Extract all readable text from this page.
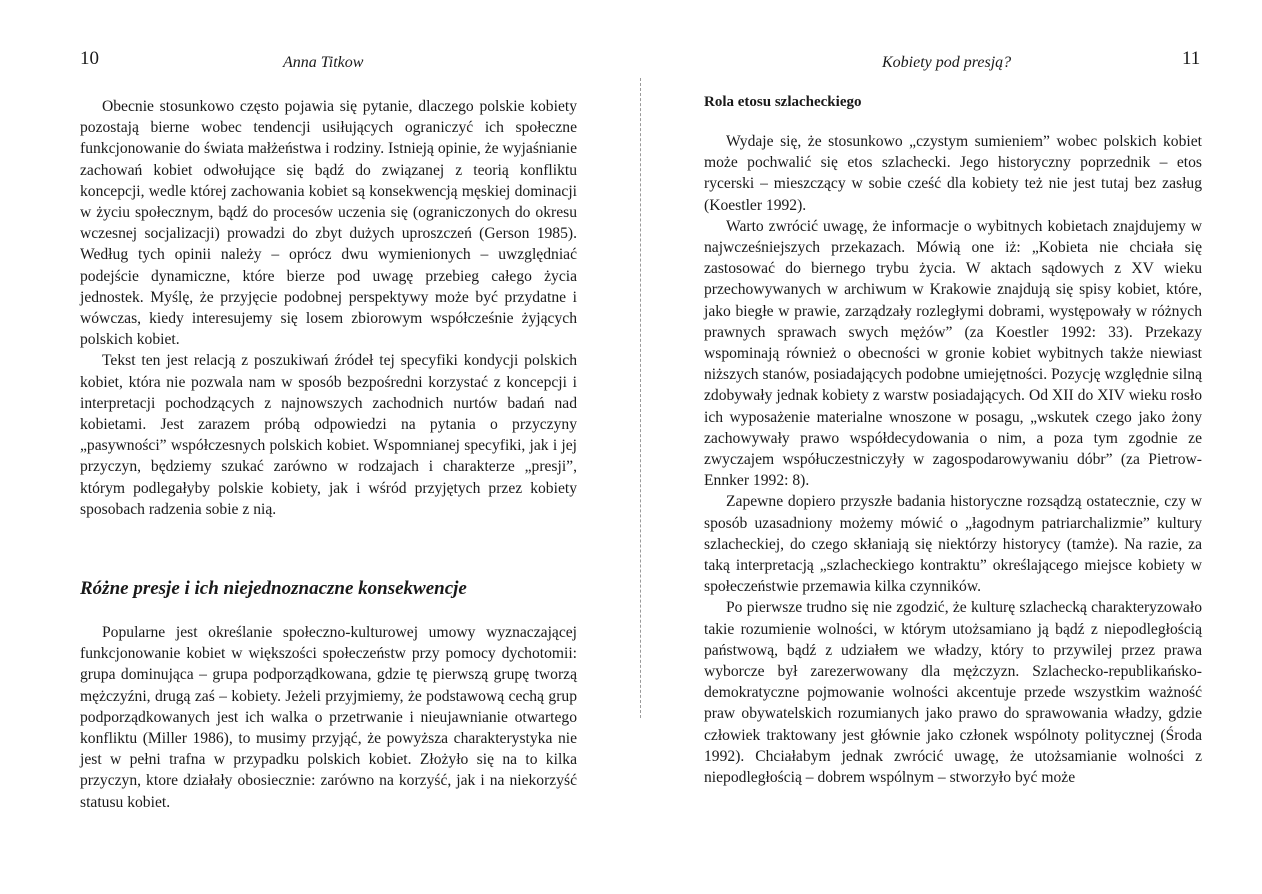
10	Anna Titkow

Obecnie stosunkowo często pojawia się pytanie, dlaczego polskie kobiety pozostają bierne wobec tendencji usiłujących ograniczyć ich społeczne funkcjonowanie do świata małżeństwa i rodziny. Istnieją opinie, że wyjaśnianie zachowań kobiet odwołujące się bądź do związanej z teorią konfliktu koncepcji, wedle której zachowania kobiet są konsekwencją męskiej dominacji w życiu społecznym, bądź do procesów uczenia się (ograniczonych do okresu wczesnej socjalizacji) prowadzi do zbyt dużych uproszczeń (Gerson 1985). Według tych opinii należy – oprócz dwu wymienionych – uwzględniać podejście dynamiczne, które bierze pod uwagę przebieg całego życia jednostek. Myślę, że przyjęcie podobnej perspektywy może być przydatne i wówczas, kiedy interesujemy się losem zbiorowym współcześnie żyjących polskich kobiet.

Tekst ten jest relacją z poszukiwań źródeł tej specyfiki kondycji polskich kobiet, która nie pozwala nam w sposób bezpośredni korzystać z koncepcji i interpretacji pochodzących z najnowszych zachodnich nurtów badań nad kobietami. Jest zarazem próbą odpowiedzi na pytania o przyczyny „pasywności” współczesnych polskich kobiet. Wspomnianej specyfiki, jak i jej przyczyn, będziemy szukać zarówno w rodzajach i charakterze „presji”, którym podlegałyby polskie kobiety, jak i wśród przyjętych przez kobiety sposobach radzenia sobie z nią.

Różne presje i ich niejednoznaczne konsekwencje

Popularne jest określanie społeczno-kulturowej umowy wyznaczającej funkcjonowanie kobiet w większości społeczeństw przy pomocy dychotomii: grupa dominująca – grupa podporządkowana, gdzie tę pierwszą grupę tworzą mężczyźni, drugą zaś – kobiety. Jeżeli przyjmiemy, że podstawową cechą grup podporządkowanych jest ich walka o przetrwanie i nieujawnianie otwartego konfliktu (Miller 1986), to musimy przyjąć, że powyższa charakterystyka nie jest w pełni trafna w przypadku polskich kobiet. Złożyło się na to kilka przyczyn, ktore działały obosiecznie: zarówno na korzyść, jak i na niekorzyść statusu kobiet.

Kobiety pod presją?	11
Rola etosu szlacheckiego

Wydaje się, że stosunkowo „czystym sumieniem” wobec polskich kobiet może pochwalić się etos szlachecki. Jego historyczny poprzednik – etos rycerski – mieszczący w sobie cześć dla kobiety też nie jest tutaj bez zasług (Koestler 1992).

Warto zwrócić uwagę, że informacje o wybitnych kobietach znajdujemy w najwcześniejszych przekazach. Mówią one iż: „Kobieta nie chciała się zastosować do biernego trybu życia. W aktach sądowych z XV wieku przechowywanych w archiwum w Krakowie znajdują się spisy kobiet, które, jako biegłe w prawie, zarządzały rozległymi dobrami, występowały w różnych prawnych sprawach swych mężów” (za Koestler 1992: 33). Przekazy wspominają również o obecności w gronie kobiet wybitnych także niewiast niższych stanów, posiadających podobne umiejętności. Pozycję względnie silną zdobywały jednak kobiety z warstw posiadających. Od XII do XIV wieku rosło ich wyposażenie materialne wnoszone w posagu, „wskutek czego jako żony zachowywały prawo współdecydowania o nim, a poza tym zgodnie ze zwyczajem współuczestniczyły w zagospodarowywaniu dóbr” (za Pietrow-Ennker 1992: 8).

Zapewne dopiero przyszłe badania historyczne rozsądzą ostatecznie, czy w sposób uzasadniony możemy mówić o „łagodnym patriarchalizmie” kultury szlacheckiej, do czego skłaniają się niektórzy historycy (tamże). Na razie, za taką interpretacją „szlacheckiego kontraktu” określającego miejsce kobiety w społeczeństwie przemawia kilka czynników.

Po pierwsze trudno się nie zgodzić, że kulturę szlachecką charakteryzowało takie rozumienie wolności, w którym utożsamiano ją bądź z niepodległością państwową, bądź z udziałem we władzy, który to przywilej przez prawa wyborcze był zarezerwowany dla mężczyzn. Szlachecko-republikańsko-demokratyczne pojmowanie wolności akcentuje przede wszystkim ważność praw obywatelskich rozumianych jako prawo do sprawowania władzy, gdzie człowiek traktowany jest głównie jako członek wspólnoty politycznej (Środa 1992). Chciałabym jednak zwrócić uwagę, że utożsamianie wolności z niepodległością – dobrem wspólnym – stworzyło być może
